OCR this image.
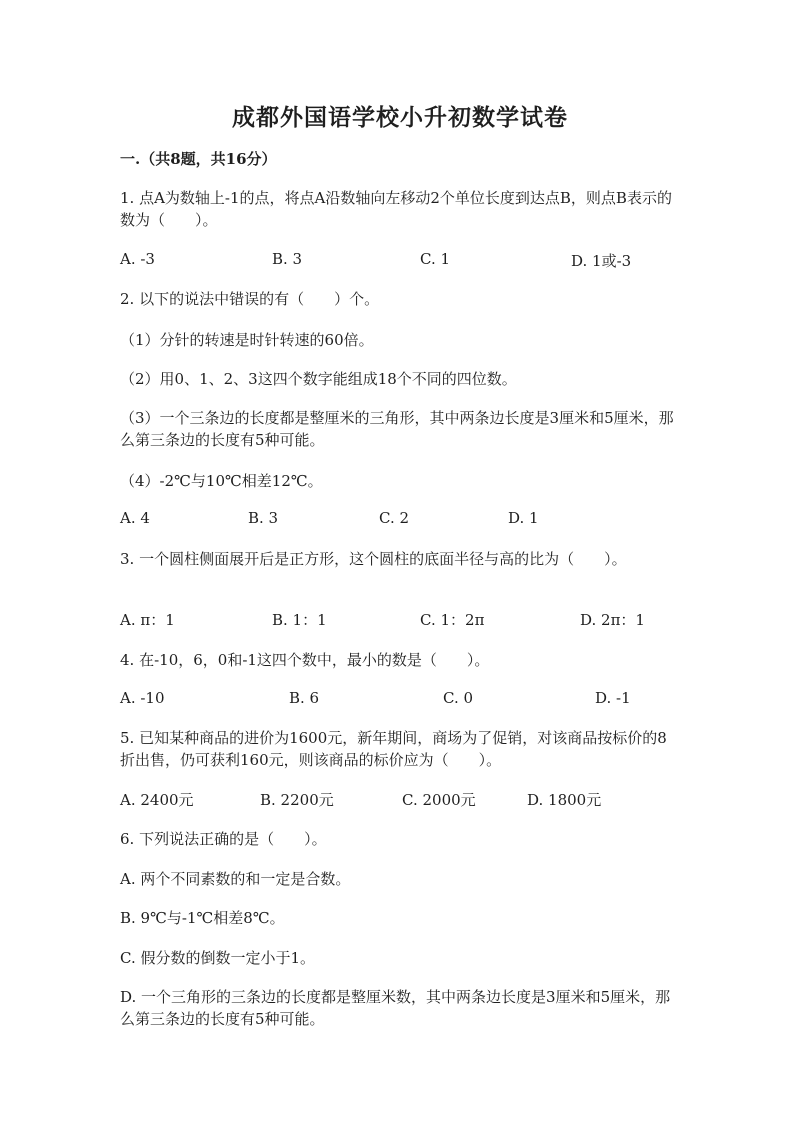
成都外国语学校小升初数学试卷
一.（共8题，共16分）
1. 点A为数轴上-1的点，将点A沿数轴向左移动2个单位长度到达点B，则点B表示的数为（　　）。
A. -3	B. 3	C. 1	D. 1或-3
2. 以下的说法中错误的有（　　）个。
（1）分针的转速是时针转速的60倍。
（2）用0、1、2、3这四个数字能组成18个不同的四位数。
（3）一个三条边的长度都是整厘米的三角形，其中两条边长度是3厘米和5厘米，那么第三条边的长度有5种可能。
（4）-2℃与10℃相差12℃。
A. 4	B. 3	C. 2	D. 1
3. 一个圆柱侧面展开后是正方形，这个圆柱的底面半径与高的比为（　　）。
A. π：1	B. 1：1	C. 1：2π	D. 2π：1
4. 在-10，6，0和-1这四个数中，最小的数是（　　）。
A. -10	B. 6	C. 0	D. -1
5. 已知某种商品的进价为1600元，新年期间，商场为了促销，对该商品按标价的8折出售，仍可获利160元，则该商品的标价应为（　　）。
A. 2400元	B. 2200元	C. 2000元	D. 1800元
6. 下列说法正确的是（　　）。
A. 两个不同素数的和一定是合数。
B. 9℃与-1℃相差8℃。
C. 假分数的倒数一定小于1。
D. 一个三角形的三条边的长度都是整厘米数，其中两条边长度是3厘米和5厘米，那么第三条边的长度有5种可能。
